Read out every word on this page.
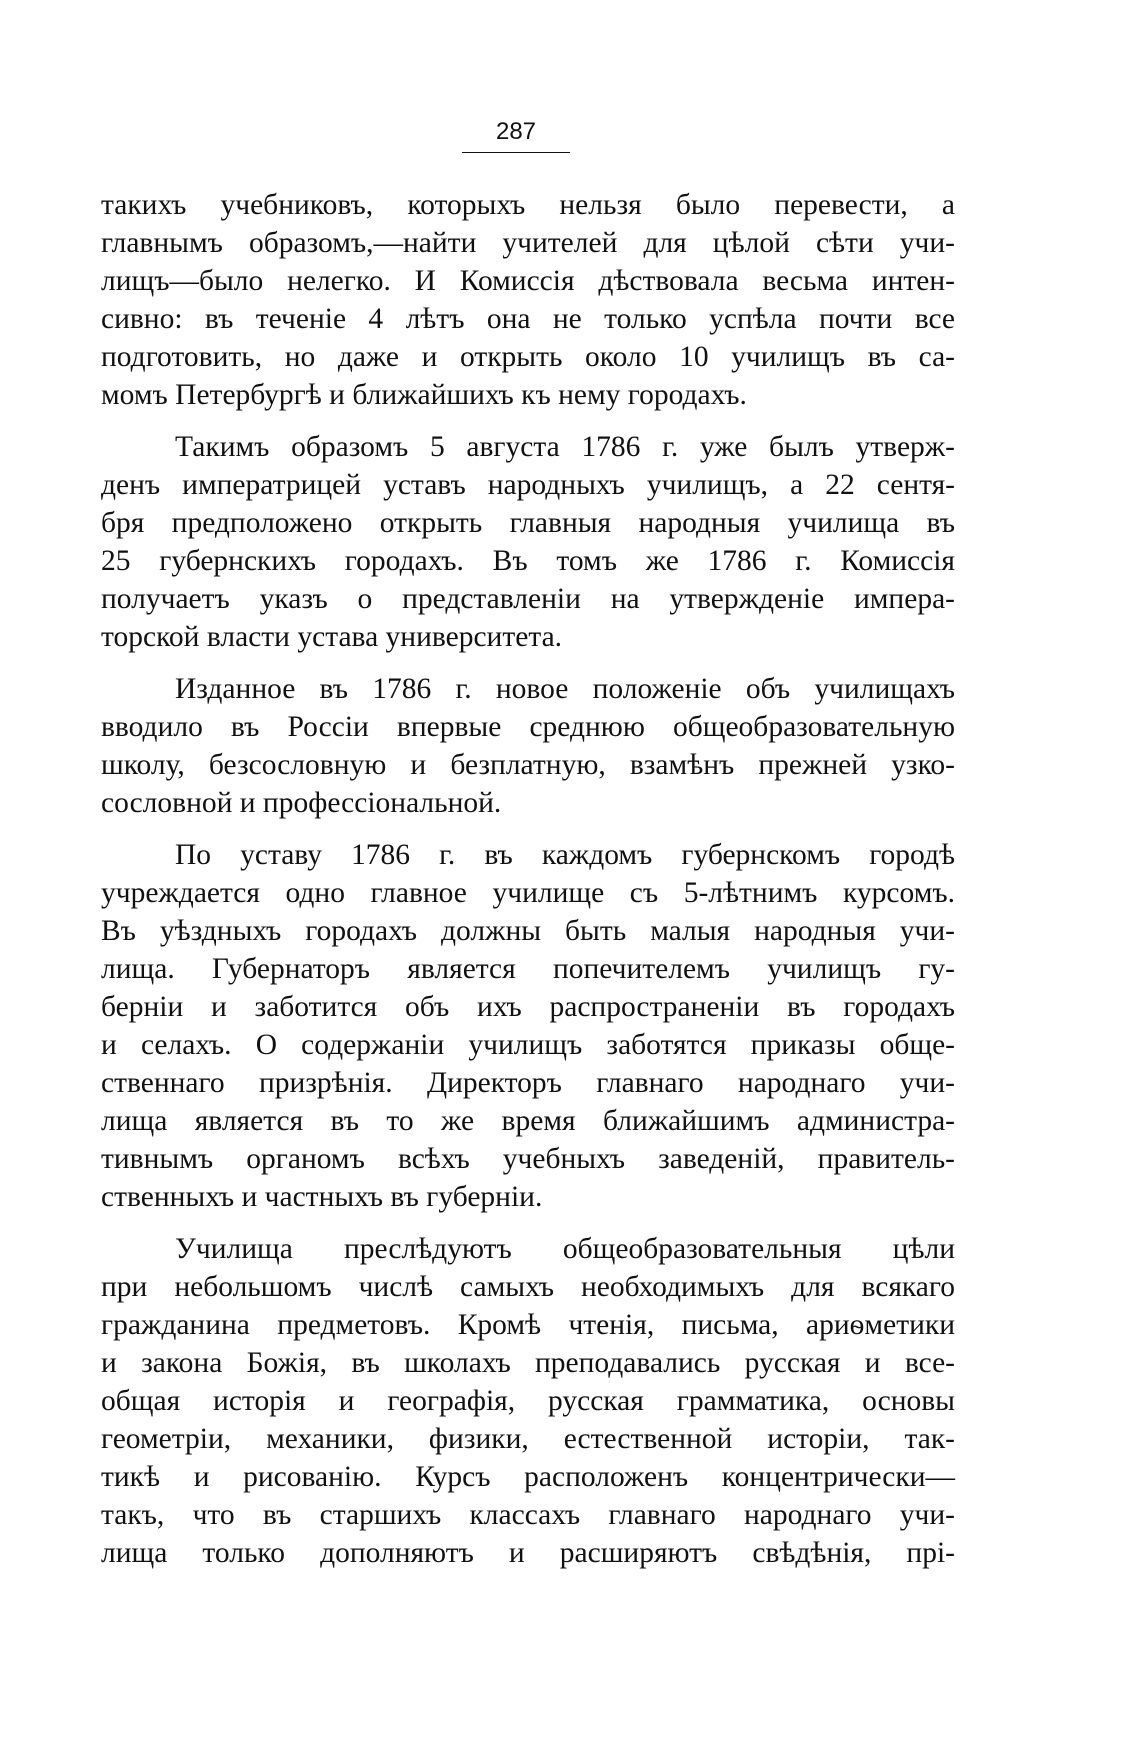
287

такихъ учебниковъ, которыхъ нельзя было перевести, а
главнымъ образомъ,—найти учителей для цѣлой сѣти учи-
лищъ—было нелегко. И Комиссія дѣствовала весьма интен-
сивно: въ теченіе 4 лѣтъ она не только успѣла почти все
подготовить, но даже и открыть около 10 училищъ въ са-
момъ Петербургѣ и ближайшихъ къ нему городахъ.

Такимъ образомъ 5 августа 1786 г. уже былъ утверж-
денъ императрицей уставъ народныхъ училищъ, а 22 сентя-
бря предположено открыть главныя народныя училища въ
25 губернскихъ городахъ. Въ томъ же 1786 г. Комиссія
получаетъ указъ о представленіи на утвержденіе импера-
торской власти устава университета.

Изданное въ 1786 г. новое положеніе объ училищахъ
вводило въ Россіи впервые среднюю общеобразовательную
школу, безсословную и безплатную, взамѣнъ прежней узко-
сословной и профессіональной.

По уставу 1786 г. въ каждомъ губернскомъ городѣ
учреждается одно главное училище съ 5-лѣтнимъ курсомъ.
Въ уѣздныхъ городахъ должны быть малыя народныя учи-
лища. Губернаторъ является попечителемъ училищъ гу-
берніи и заботится объ ихъ распространеніи въ городахъ
и селахъ. О содержаніи училищъ заботятся приказы обще-
ственнаго призрѣнія. Директоръ главнаго народнаго учи-
лища является въ то же время ближайшимъ администра-
тивнымъ органомъ всѣхъ учебныхъ заведеній, правитель-
ственныхъ и частныхъ въ губерніи.

Училища преслѣдуютъ общеобразовательныя цѣли
при небольшомъ числѣ самыхъ необходимыхъ для всякаго
гражданина предметовъ. Кромѣ чтенія, письма, ариѳметики
и закона Божія, въ школахъ преподавались русская и все-
общая исторія и географія, русская грамматика, основы
геометріи, механики, физики, естественной исторіи, так-
тикѣ и рисованію. Курсъ расположенъ концентрически—
такъ, что въ старшихъ классахъ главнаго народнаго учи-
лища только дополняютъ и расширяютъ свѣдѣнія, прі-
